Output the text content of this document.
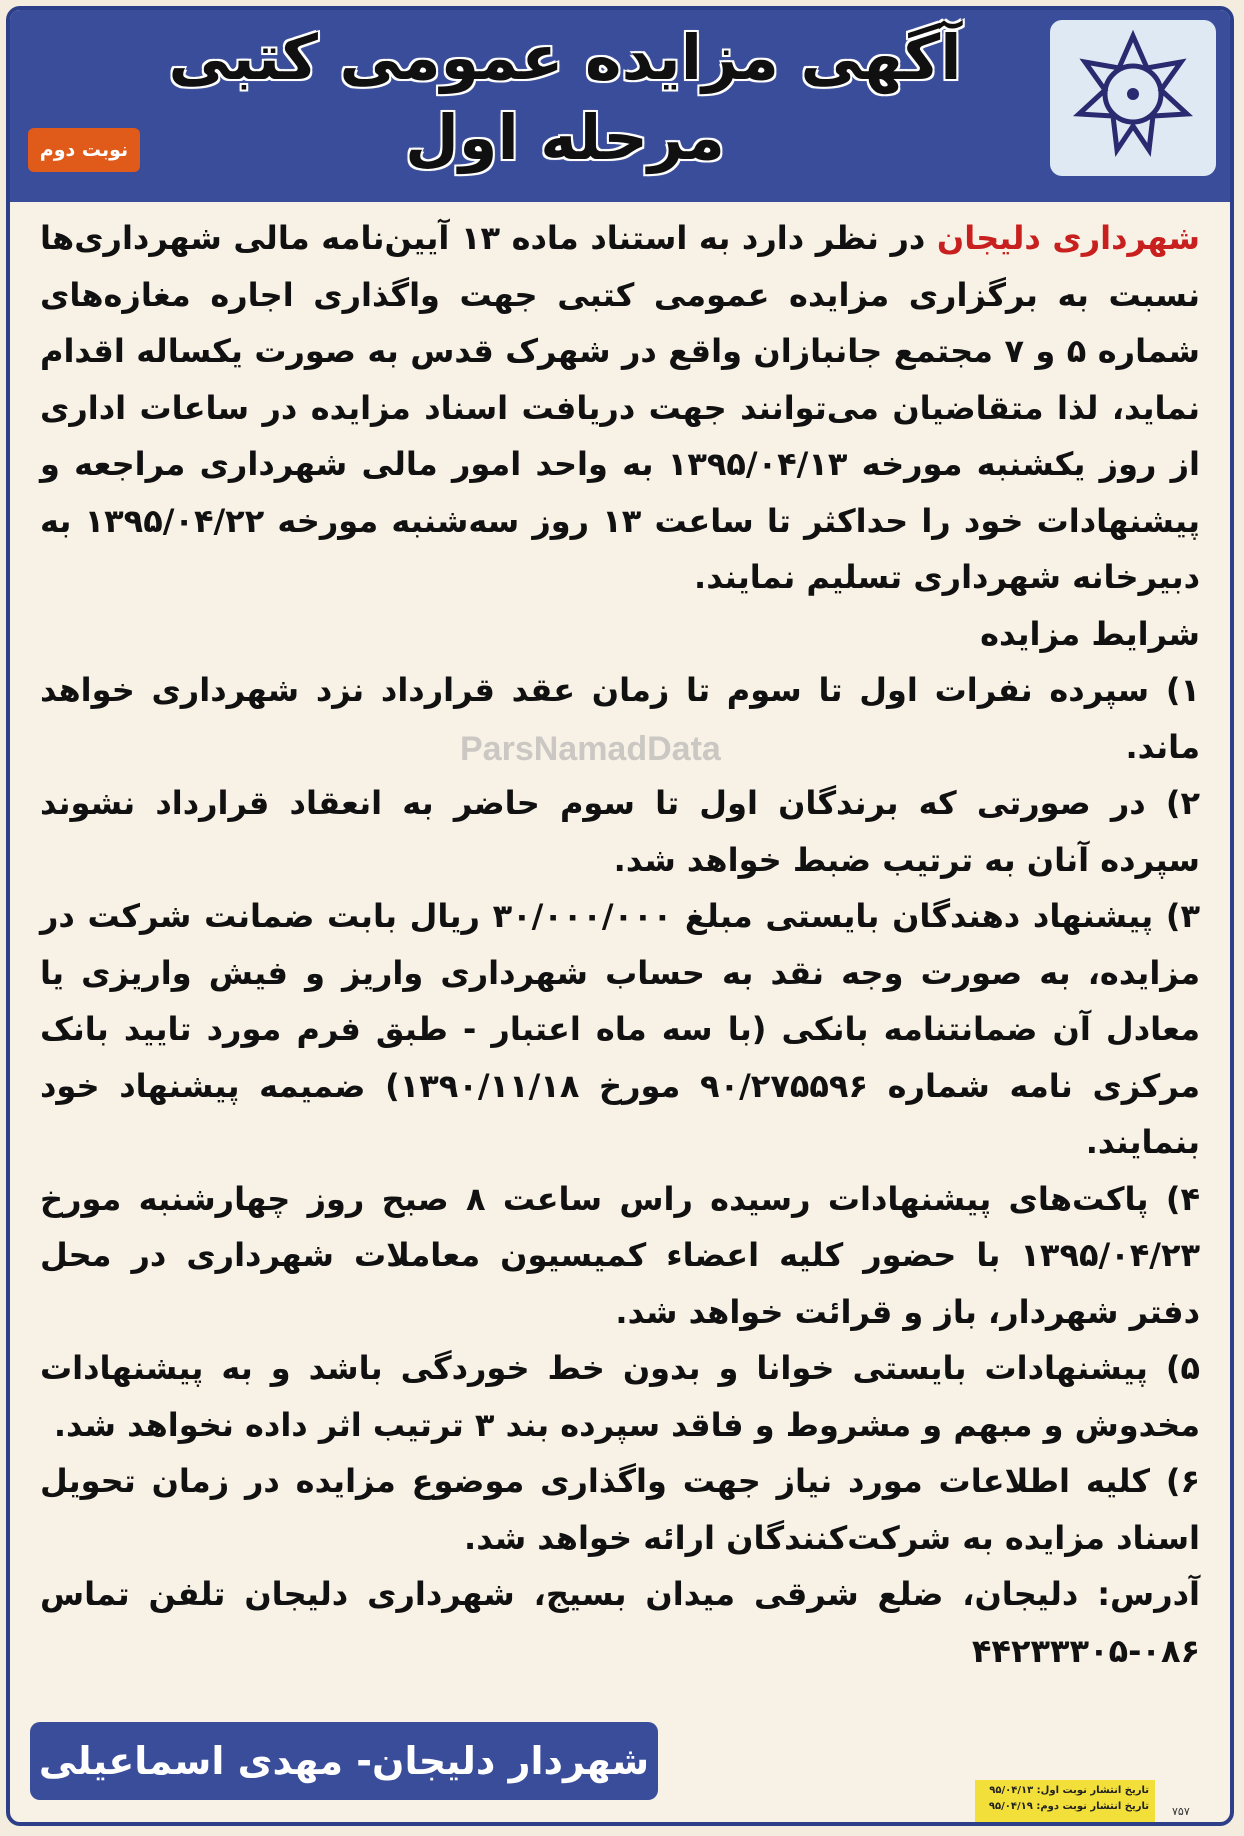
آگهی مزایده عمومی کتبی
مرحله اول
نوبت دوم

شهرداری دلیجان در نظر دارد به استناد ماده ۱۳ آیین‌نامه مالی شهرداری‌ها نسبت به برگزاری مزایده عمومی کتبی جهت واگذاری اجاره مغازه‌های شماره ۵ و ۷ مجتمع جانبازان واقع در شهرک قدس به صورت یکساله اقدام نماید، لذا متقاضیان می‌توانند جهت دریافت اسناد مزایده در ساعات اداری از روز یکشنبه مورخه ۱۳۹۵/۰۴/۱۳ به واحد امور مالی شهرداری مراجعه و پیشنهادات خود را حداکثر تا ساعت ۱۳ روز سه‌شنبه مورخه ۱۳۹۵/۰۴/۲۲ به دبیرخانه شهرداری تسلیم نمایند.

شرایط مزایده

۱) سپرده نفرات اول تا سوم تا زمان عقد قرارداد نزد شهرداری خواهد ماند.

۲) در صورتی که برندگان اول تا سوم حاضر به انعقاد قرارداد نشوند سپرده آنان به ترتیب ضبط خواهد شد.

۳) پیشنهاد دهندگان بایستی مبلغ ۳۰/۰۰۰/۰۰۰ ریال بابت ضمانت شرکت در مزایده، به صورت وجه نقد به حساب شهرداری واریز و فیش واریزی یا معادل آن ضمانتنامه بانکی (با سه ماه اعتبار - طبق فرم مورد تایید بانک مرکزی نامه شماره ۹۰/۲۷۵۵۹۶ مورخ ۱۳۹۰/۱۱/۱۸) ضمیمه پیشنهاد خود بنمایند.

۴) پاکت‌های پیشنهادات رسیده راس ساعت ۸ صبح روز چهارشنبه مورخ ۱۳۹۵/۰۴/۲۳ با حضور کلیه اعضاء کمیسیون معاملات شهرداری در محل دفتر شهردار، باز و قرائت خواهد شد.

۵) پیشنهادات بایستی خوانا و بدون خط خوردگی باشد و به پیشنهادات مخدوش و مبهم و مشروط و فاقد سپرده بند ۳ ترتیب اثر داده نخواهد شد.

۶) کلیه اطلاعات مورد نیاز جهت واگذاری موضوع مزایده در زمان تحویل اسناد مزایده به شرکت‌کنندگان ارائه خواهد شد.

آدرس: دلیجان، ضلع شرقی میدان بسیج، شهرداری دلیجان تلفن تماس ۰۸۶-۴۴۲۳۳۳۰۵

ParsNamadData
شهردار دلیجان- مهدی اسماعیلی
تاریخ انتشار نوبت اول: ۹۵/۰۴/۱۳
تاریخ انتشار نوبت دوم: ۹۵/۰۴/۱۹ ۷۵۷
